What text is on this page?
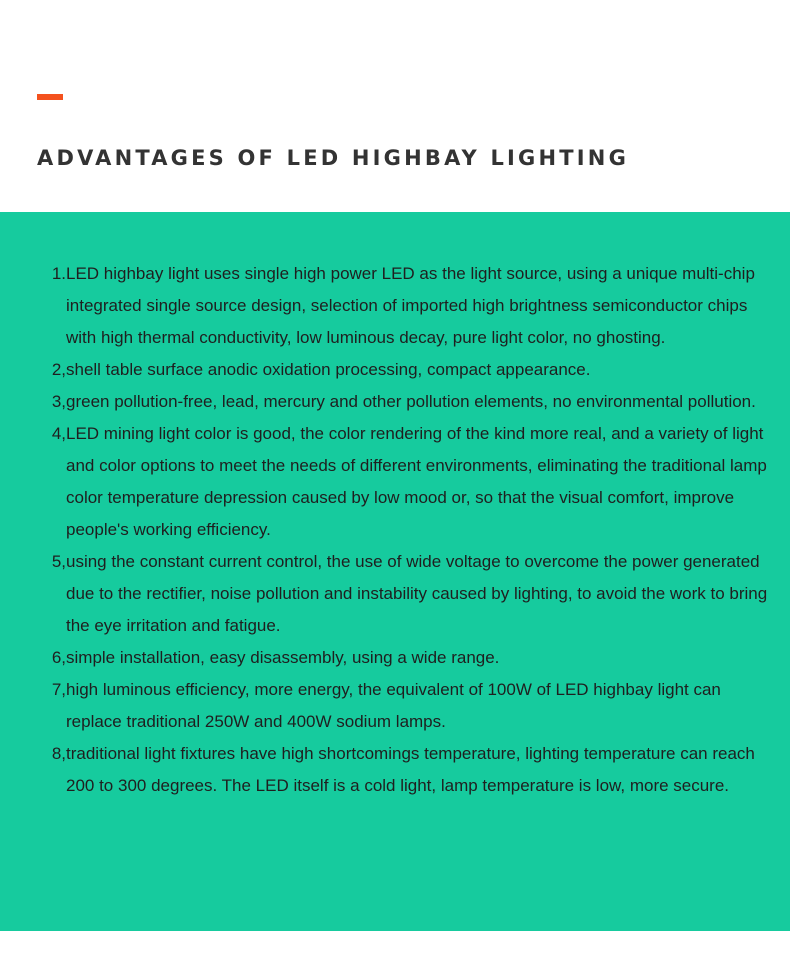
ADVANTAGES OF LED HIGHBAY LIGHTING
1. LED highbay light uses single high power LED as the light source, using a unique multi-chip integrated single source design, selection of imported high brightness semiconductor chips with high thermal conductivity, low luminous decay, pure light color, no ghosting.
2, shell table surface anodic oxidation processing, compact appearance.
3, green pollution-free, lead, mercury and other pollution elements, no environmental pollution.
4, LED mining light color is good, the color rendering of the kind more real, and a variety of light and color options to meet the needs of different environments, eliminating the traditional lamp color temperature depression caused by low mood or, so that the visual comfort, improve people's working efficiency.
5, using the constant current control, the use of wide voltage to overcome the power generated due to the rectifier, noise pollution and instability caused by lighting, to avoid the work to bring the eye irritation and fatigue.
6, simple installation, easy disassembly, using a wide range.
7, high luminous efficiency, more energy, the equivalent of 100W of LED highbay light can replace traditional 250W and 400W sodium lamps.
8, traditional light fixtures have high shortcomings temperature, lighting temperature can reach 200 to 300 degrees. The LED itself is a cold light, lamp temperature is low, more secure.
